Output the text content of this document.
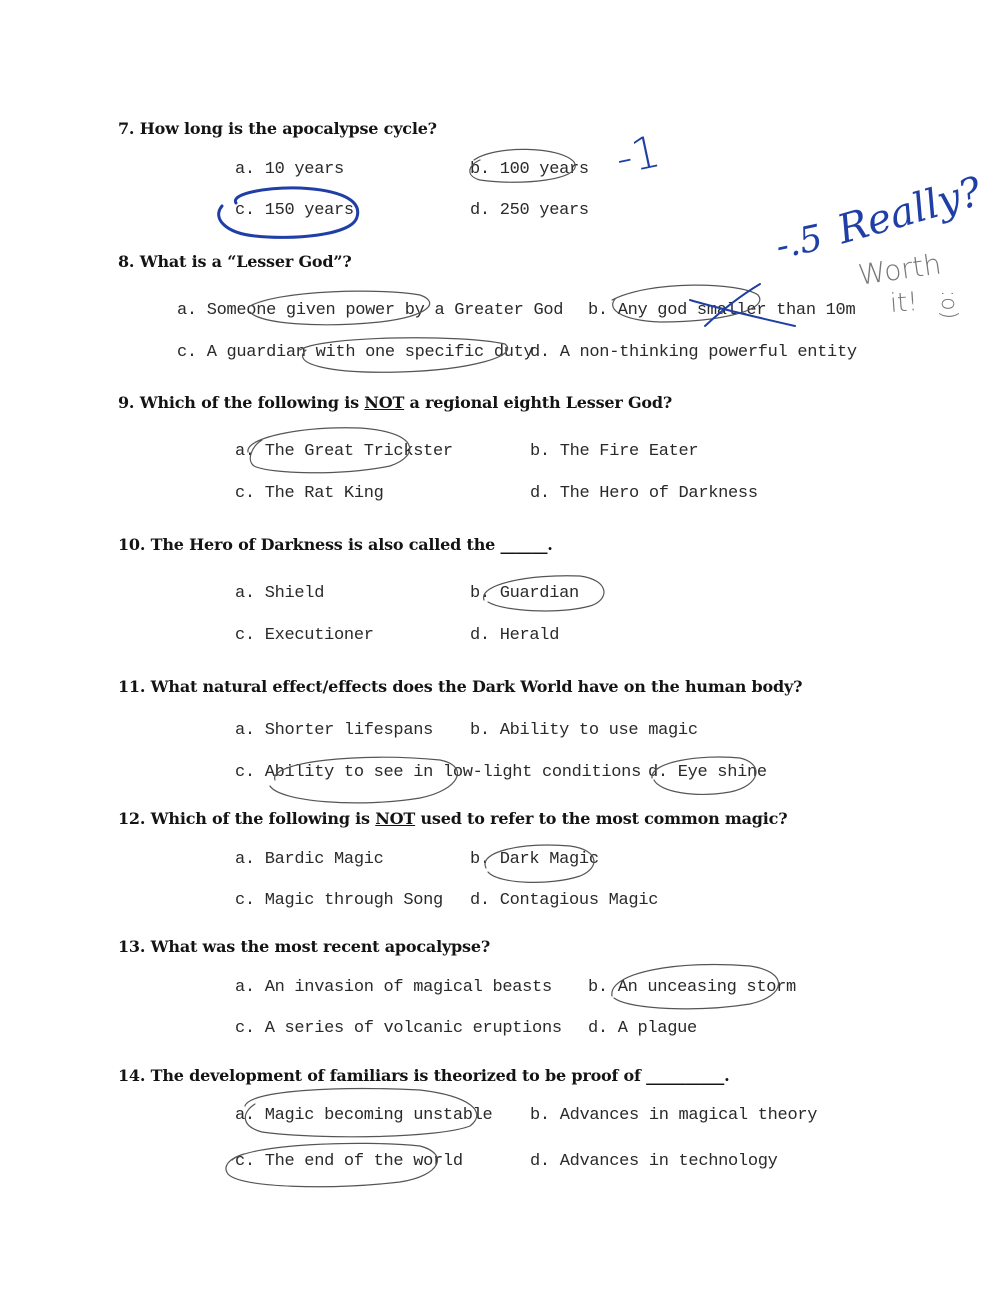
7. How long is the apocalypse cycle?
a. 10 years	b. 100 years
c. 150 years	d. 250 years
8. What is a “Lesser God”?
a. Someone given power by a Greater God b. Any god smaller than 10m
c. A guardian with one specific duty
d. A non-thinking powerful entity
9. Which of the following is NOT a regional eighth Lesser God?
a. The Great Trickster	b. The Fire Eater
c. The Rat King	d. The Hero of Darkness
10. The Hero of Darkness is also called the ______.
a. Shield	b. Guardian
c. Executioner	d. Herald
11. What natural effect/effects does the Dark World have on the human body?
a. Shorter lifespans b. Ability to use magic
c. Ability to see in low-light conditions d. Eye shine
12. Which of the following is NOT used to refer to the most common magic?
a. Bardic Magic	b. Dark Magic
c. Magic through Song d. Contagious Magic
13. What was the most recent apocalypse?
a. An invasion of magical beasts b. An unceasing storm
c. A series of volcanic eruptions d. A plague
14. The development of familiars is theorized to be proof of __________.
a. Magic becoming unstable b. Advances in magical theory
c. The end of the world	d. Advances in technology
-1
-.5 Really?
Worth
it! :o)
